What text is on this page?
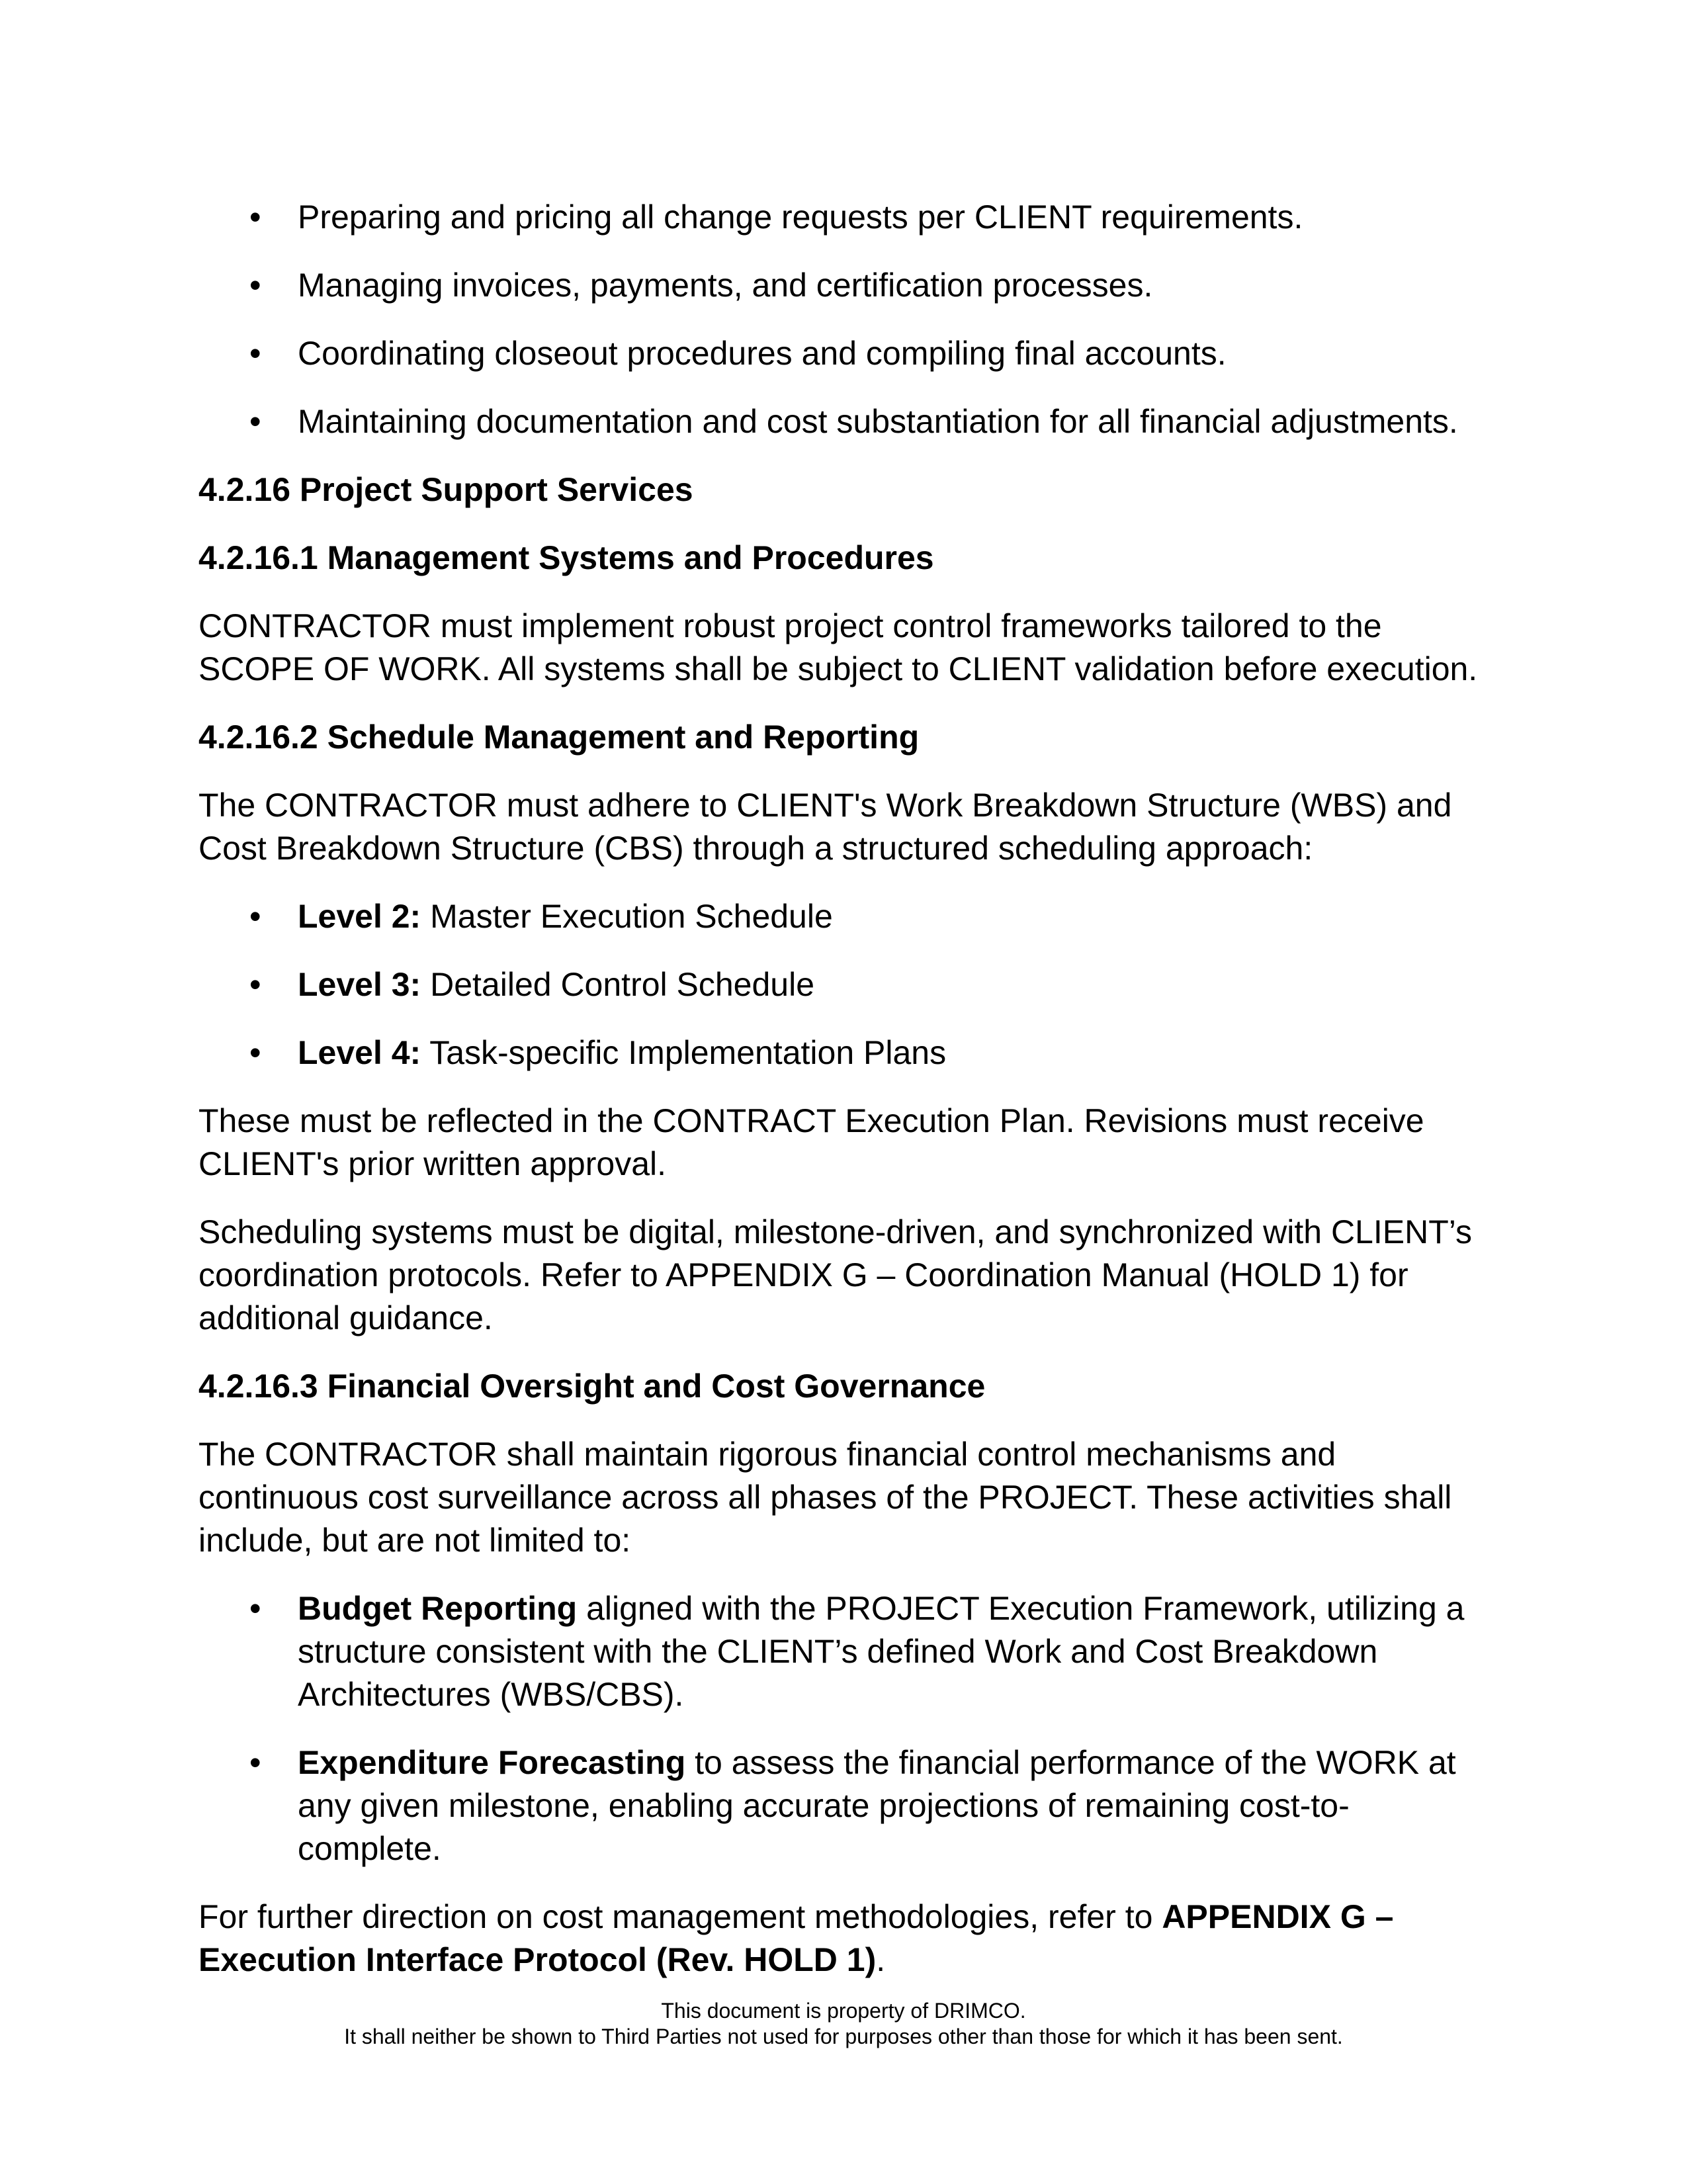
• Preparing and pricing all change requests per CLIENT requirements.
• Managing invoices, payments, and certification processes.
• Coordinating closeout procedures and compiling final accounts.
• Maintaining documentation and cost substantiation for all financial adjustments.
4.2.16 Project Support Services
4.2.16.1 Management Systems and Procedures
CONTRACTOR must implement robust project control frameworks tailored to the SCOPE OF WORK. All systems shall be subject to CLIENT validation before execution.
4.2.16.2 Schedule Management and Reporting
The CONTRACTOR must adhere to CLIENT's Work Breakdown Structure (WBS) and Cost Breakdown Structure (CBS) through a structured scheduling approach:
• Level 2: Master Execution Schedule
• Level 3: Detailed Control Schedule
• Level 4: Task-specific Implementation Plans
These must be reflected in the CONTRACT Execution Plan. Revisions must receive CLIENT's prior written approval.
Scheduling systems must be digital, milestone-driven, and synchronized with CLIENT’s coordination protocols. Refer to APPENDIX G – Coordination Manual (HOLD 1) for additional guidance.
4.2.16.3 Financial Oversight and Cost Governance
The CONTRACTOR shall maintain rigorous financial control mechanisms and continuous cost surveillance across all phases of the PROJECT. These activities shall include, but are not limited to:
• Budget Reporting aligned with the PROJECT Execution Framework, utilizing a structure consistent with the CLIENT’s defined Work and Cost Breakdown Architectures (WBS/CBS).
• Expenditure Forecasting to assess the financial performance of the WORK at any given milestone, enabling accurate projections of remaining cost-to-complete.
For further direction on cost management methodologies, refer to APPENDIX G – Execution Interface Protocol (Rev. HOLD 1).
This document is property of DRIMCO.
It shall neither be shown to Third Parties not used for purposes other than those for which it has been sent.
